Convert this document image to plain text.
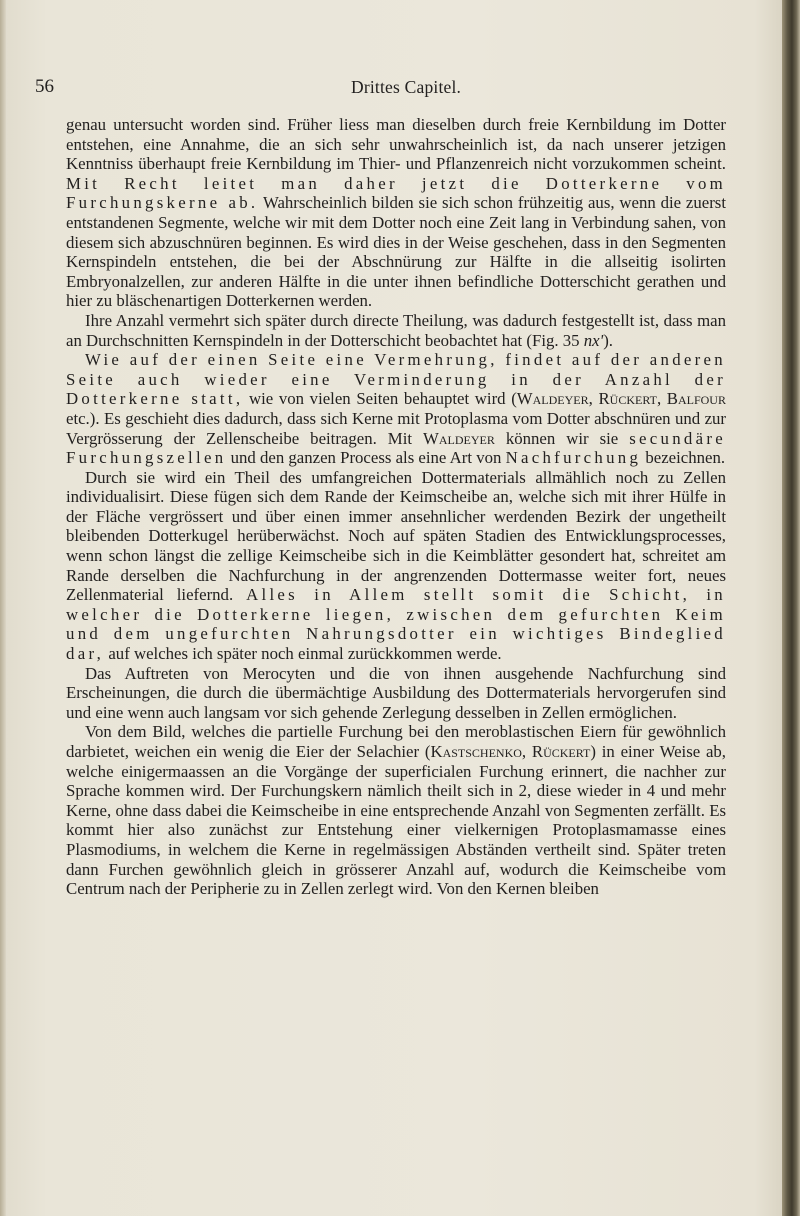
56	Drittes Capitel.

genau untersucht worden sind. Früher liess man dieselben durch freie Kernbildung im Dotter entstehen, eine Annahme, die an sich sehr unwahrscheinlich ist, da nach unserer jetzigen Kenntniss überhaupt freie Kernbildung im Thier- und Pflanzenreich nicht vorzukommen scheint. Mit Recht leitet man daher jetzt die Dotterkerne vom Furchungskerne ab. Wahrscheinlich bilden sie sich schon frühzeitig aus, wenn die zuerst entstandenen Segmente, welche wir mit dem Dotter noch eine Zeit lang in Verbindung sahen, von diesem sich abzuschnüren beginnen. Es wird dies in der Weise geschehen, dass in den Segmenten Kernspindeln entstehen, die bei der Abschnürung zur Hälfte in die allseitig isolirten Embryonalzellen, zur anderen Hälfte in die unter ihnen befindliche Dotterschicht gerathen und hier zu bläschenartigen Dotterkernen werden.

Ihre Anzahl vermehrt sich später durch directe Theilung, was dadurch festgestellt ist, dass man an Durchschnitten Kernspindeln in der Dotterschicht beobachtet hat (Fig. 35 nx').

Wie auf der einen Seite eine Vermehrung, findet auf der anderen Seite auch wieder eine Verminderung in der Anzahl der Dotterkerne statt, wie von vielen Seiten behauptet wird (Waldeyer, Rückert, Balfour etc.). Es geschieht dies dadurch, dass sich Kerne mit Protoplasma vom Dotter abschnüren und zur Vergrösserung der Zellenscheibe beitragen. Mit Waldeyer können wir sie secundäre Furchungszellen und den ganzen Process als eine Art von Nachfurchung bezeichnen.

Durch sie wird ein Theil des umfangreichen Dottermaterials allmählich noch zu Zellen individualisirt. Diese fügen sich dem Rande der Keimscheibe an, welche sich mit ihrer Hülfe in der Fläche vergrössert und über einen immer ansehnlicher werdenden Bezirk der ungetheilt bleibenden Dotterkugel herüberwächst. Noch auf späten Stadien des Entwicklungsprocesses, wenn schon längst die zellige Keimscheibe sich in die Keimblätter gesondert hat, schreitet am Rande derselben die Nachfurchung in der angrenzenden Dottermasse weiter fort, neues Zellenmaterial liefernd. Alles in Allem stellt somit die Schicht, in welcher die Dotterkerne liegen, zwischen dem gefurchten Keim und dem ungefurchten Nahrungsdotter ein wichtiges Bindeglied dar, auf welches ich später noch einmal zurückkommen werde.

Das Auftreten von Merocyten und die von ihnen ausgehende Nachfurchung sind Erscheinungen, die durch die übermächtige Ausbildung des Dottermaterials hervorgerufen sind und eine wenn auch langsam vor sich gehende Zerlegung desselben in Zellen ermöglichen.

Von dem Bild, welches die partielle Furchung bei den meroblastischen Eiern für gewöhnlich darbietet, weichen ein wenig die Eier der Selachier (Kastschenko, Rückert) in einer Weise ab, welche einigermaassen an die Vorgänge der superficialen Furchung erinnert, die nachher zur Sprache kommen wird. Der Furchungskern nämlich theilt sich in 2, diese wieder in 4 und mehr Kerne, ohne dass dabei die Keimscheibe in eine entsprechende Anzahl von Segmenten zerfällt. Es kommt hier also zunächst zur Entstehung einer vielkernigen Protoplasmamasse eines Plasmodiums, in welchem die Kerne in regelmässigen Abständen vertheilt sind. Später treten dann Furchen gewöhnlich gleich in grösserer Anzahl auf, wodurch die Keimscheibe vom Centrum nach der Peripherie zu in Zellen zerlegt wird. Von den Kernen bleiben
